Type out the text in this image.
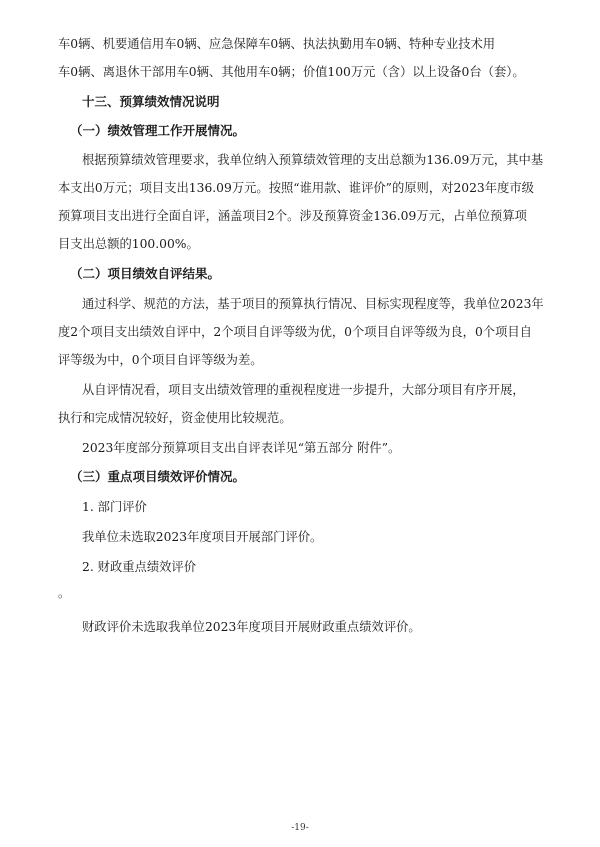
车0辆、机要通信用车0辆、应急保障车0辆、执法执勤用车0辆、特种专业技术用

车0辆、离退休干部用车0辆、其他用车0辆；价值100万元（含）以上设备0台（套）。

十三、预算绩效情况说明

（一）绩效管理工作开展情况。

根据预算绩效管理要求，我单位纳入预算绩效管理的支出总额为136.09万元，其中基

本支出0万元；项目支出136.09万元。按照“谁用款、谁评价”的原则，对2023年度市级

预算项目支出进行全面自评，涵盖项目2个。涉及预算资金136.09万元，占单位预算项

目支出总额的100.00%。

（二）项目绩效自评结果。

通过科学、规范的方法，基于项目的预算执行情况、目标实现程度等，我单位2023年

度2个项目支出绩效自评中，2个项目自评等级为优，0个项目自评等级为良，0个项目自

评等级为中，0个项目自评等级为差。

从自评情况看，项目支出绩效管理的重视程度进一步提升，大部分项目有序开展，

执行和完成情况较好，资金使用比较规范。

2023年度部分预算项目支出自评表详见“第五部分 附件”。

（三）重点项目绩效评价情况。

1. 部门评价

我单位未选取2023年度项目开展部门评价。

2. 财政重点绩效评价

。

财政评价未选取我单位2023年度项目开展财政重点绩效评价。

-19-
